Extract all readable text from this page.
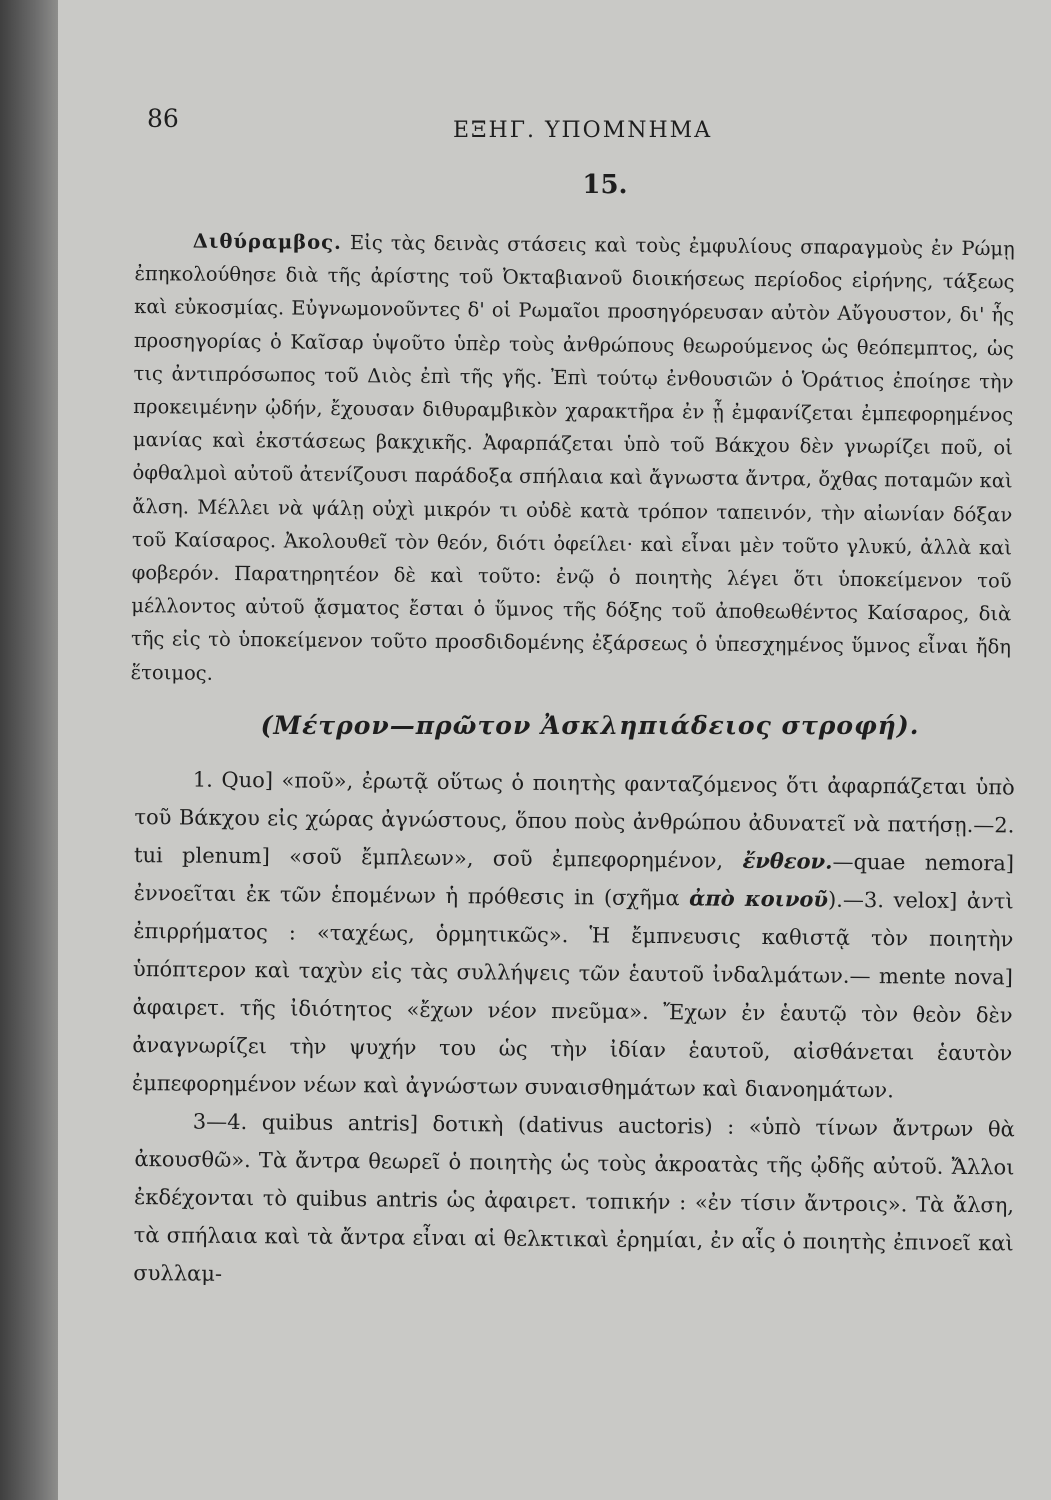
86	ΕΞΗΓ. ΥΠΟΜΝΗΜΑ
15.

Διθύραμβος. Εἰς τὰς δεινὰς στάσεις καὶ τοὺς ἐμφυλίους σπαραγμοὺς ἐν Ρώμῃ ἐπηκολούθησε διὰ τῆς ἀρίστης τοῦ Ὀκταβιανοῦ διοικήσεως περίοδος εἰρήνης, τάξεως καὶ εὐκοσμίας. Εὐγνωμονοῦντες δ' οἱ Ρωμαῖοι προσηγόρευσαν αὐτὸν Αὔγουστον, δι' ἧς προσηγορίας ὁ Καῖσαρ ὑψοῦτο ὑπὲρ τοὺς ἀνθρώπους θεωρούμενος ὡς θεόπεμπτος, ὡς τις ἀντιπρόσωπος τοῦ Διὸς ἐπὶ τῆς γῆς. Ἐπὶ τούτῳ ἐνθουσιῶν ὁ Ὁράτιος ἐποίησε τὴν προκειμένην ᾠδήν, ἔχουσαν διθυραμβικὸν χαρακτῆρα ἐν ᾗ ἐμφανίζεται ἐμπεφορημένος μανίας καὶ ἐκστάσεως βακχικῆς. Ἀφαρπάζεται ὑπὸ τοῦ Βάκχου δὲν γνωρίζει ποῦ, οἱ ὀφθαλμοὶ αὐτοῦ ἀτενίζουσι παράδοξα σπήλαια καὶ ἄγνωστα ἄντρα, ὄχθας ποταμῶν καὶ ἄλση. Μέλλει νὰ ψάλῃ οὐχὶ μικρόν τι οὐδὲ κατὰ τρόπον ταπεινόν, τὴν αἰωνίαν δόξαν τοῦ Καίσαρος. Ἀκολουθεῖ τὸν θεόν, διότι ὀφείλει· καὶ εἶναι μὲν τοῦτο γλυκύ, ἀλλὰ καὶ φοβερόν. Παρατηρητέον δὲ καὶ τοῦτο: ἐνῷ ὁ ποιητὴς λέγει ὅτι ὑποκείμενον τοῦ μέλλοντος αὐτοῦ ᾄσματος ἔσται ὁ ὕμνος τῆς δόξης τοῦ ἀποθεωθέντος Καίσαρος, διὰ τῆς εἰς τὸ ὑποκείμενον τοῦτο προσδιδομένης ἐξάρσεως ὁ ὑπεσχημένος ὕμνος εἶναι ἤδη ἕτοιμος.

(Μέτρον—πρῶτον Ἀσκληπιάδειος στροφή).

1. Quo] «ποῦ», ἐρωτᾷ οὕτως ὁ ποιητὴς φανταζόμενος ὅτι ἀφαρπάζεται ὑπὸ τοῦ Βάκχου εἰς χώρας ἀγνώστους, ὅπου ποὺς ἀνθρώπου ἀδυνατεῖ νὰ πατήσῃ.—2. tui plenum] «σοῦ ἔμπλεων», σοῦ ἐμπεφορημένον, ἔνθεον.—quae nemora] ἐννοεῖται ἐκ τῶν ἑπομένων ἡ πρόθεσις in (σχῆμα ἀπὸ κοινοῦ).—3. velox] ἀντὶ ἐπιρρήματος : «ταχέως, ὁρμητικῶς». Ἡ ἔμπνευσις καθιστᾷ τὸν ποιητὴν ὑπόπτερον καὶ ταχὺν εἰς τὰς συλλήψεις τῶν ἑαυτοῦ ἰνδαλμάτων.— mente nova] ἀφαιρετ. τῆς ἰδιότητος «ἔχων νέον πνεῦμα». Ἔχων ἐν ἑαυτῷ τὸν θεὸν δὲν ἀναγνωρίζει τὴν ψυχήν του ὡς τὴν ἰδίαν ἑαυτοῦ, αἰσθάνεται ἑαυτὸν ἐμπεφορημένον νέων καὶ ἀγνώστων συναισθημάτων καὶ διανοημάτων.

3—4. quibus antris] δοτικὴ (dativus auctoris) : «ὑπὸ τίνων ἄντρων θὰ ἀκουσθῶ». Τὰ ἄντρα θεωρεῖ ὁ ποιητὴς ὡς τοὺς ἀκροατὰς τῆς ᾠδῆς αὐτοῦ. Ἄλλοι ἐκδέχονται τὸ quibus antris ὡς ἀφαιρετ. τοπικήν : «ἐν τίσιν ἄντροις». Τὰ ἄλση, τὰ σπήλαια καὶ τὰ ἄντρα εἶναι αἱ θελκτικαὶ ἐρημίαι, ἐν αἷς ὁ ποιητὴς ἐπινοεῖ καὶ συλλαμ-
